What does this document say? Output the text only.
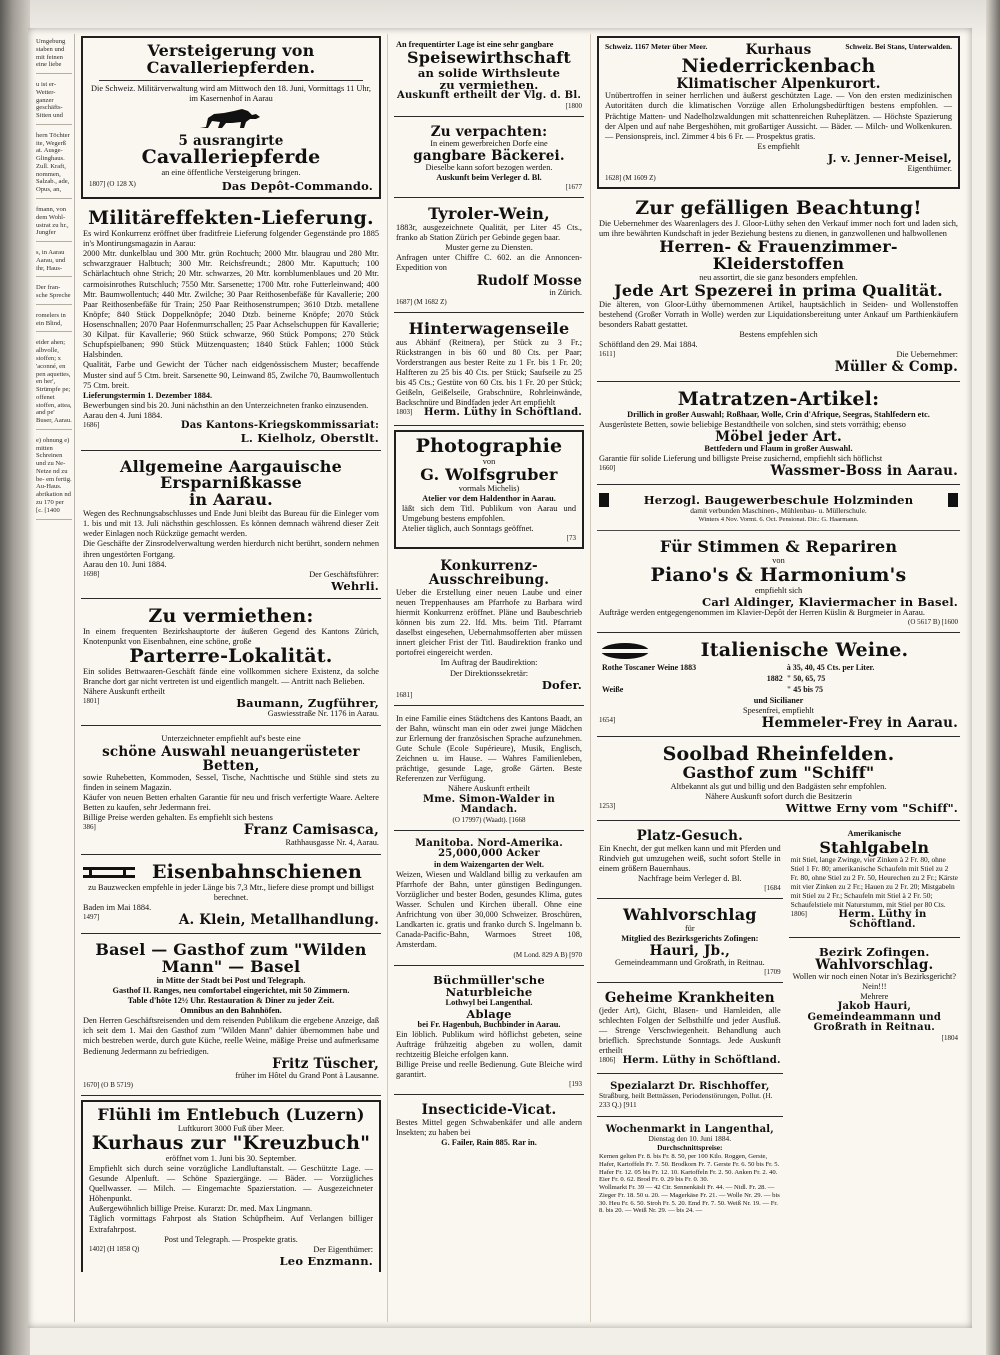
Umgebung staben und mit feinen eine liebe
u ist er- Wetter- ganzer geschäfts- Sitten und
hern Töchter ite, Wegerß at. Ausge- Glinghaus. Zull. Kraft, nommen, Salzab., ade, Opus, an,
fmann, von dem Wohl- ustrat zu hr., Jungfer
s, in Aarau Aarau, und ihr, Haus-
Der fran- sche Spreche
romelers in ein Blind,
eider ahen; albvolle, stoffen; x 'aconné, en pen aquettes, en her', Strümpfe pe; offenet stoffen, attea, and pe' Buser, Aarau.
e) ohnung e) mitten Schreinen und zu Ne-Netze nd zu be- em fertig. Au-Haus. abrikation nd zu 170 per [c. [1400
Versteigerung von Cavalleriepferden.
Die Schweiz. Militärverwaltung wird am Mittwoch den 18. Juni, Vormittags 11 Uhr, im Kasernenhof in Aarau
5 ausrangirte
Cavalleriepferde
an eine öffentliche Versteigerung bringen.
1807] (O 128 X)	Das Depôt-Commando.
Militäreffekten-Lieferung.
Es wird Konkurrenz eröffnet über fraditfreie Lieferung folgender Gegenstände pro 1885 in's Montirungsmagazin in Aarau:
2000 Mtr. dunkelblau und 300 Mtr. grün Rochtuch; 2000 Mtr. blaugrau und 280 Mtr. schwarzgrauer Halbtuch; 300 Mtr. Reichsfreundt.; 2800 Mtr. Kaputtuch; 100 Schärlachtuch ohne Strich; 20 Mtr. schwarzes, 20 Mtr. kornblumenblaues und 20 Mtr. carmoisinrothes Rutschluch; 7550 Mtr. Sarsenette; 1700 Mtr. rohe Futterleinwand; 400 Mtr. Baumwollentuch; 440 Mtr. Zwilche; 30 Paar Reithosenbefäße für Kavallerie; 200 Paar Reithosenbefäße für Train; 250 Paar Reithosenstrumpen; 3610 Dtzb. metallene Knöpfe; 840 Stück Doppelknöpfe; 2040 Dtzb. beinerne Knöpfe; 2070 Stück Hosenschnallen; 2070 Paar Hofenmurrschallen; 25 Paar Achselschuppen für Kavallerie; 30 Kilpat. für Kavallerie; 960 Stück schwarze, 960 Stück Pompons; 270 Stück Schupfspielbanen; 990 Stück Mützenquasten; 1840 Stück Fahlen; 1000 Stück Halsbinden.
Qualität, Farbe und Gewicht der Tücher nach eidgenössischem Muster; becaffende Muster sind auf 5 Ctm. breit. Sarsenette 90, Leinwand 85, Zwilche 70, Baumwollentuch 75 Ctm. breit.
Lieferungstermin 1. Dezember 1884.
Bewerbungen sind bis 20. Juni nächsthin an den Unterzeichneten franko einzusenden.
Aarau den 4. Juni 1884.
1686]	Das Kantons-Kriegskommissariat:
L. Kielholz, Oberstlt.
Allgemeine Aargauische Ersparnißkasse
in Aarau.
Wegen des Rechnungsabschlusses und Ende Juni bleibt das Bureau für die Einleger vom 1. bis und mit 13. Juli nächsthin geschlossen. Es können demnach während dieser Zeit weder Einlagen noch Rückzüge gemacht werden.
Die Geschäfte der Zinsrodelverwaltung werden hierdurch nicht berührt, sondern nehmen ihren ungestörten Fortgang.
Aarau den 10. Juni 1884.
1698]	Der Geschäftsführer:
Wehrli.
Zu vermiethen:
In einem frequenten Bezirkshauptorte der äußeren Gegend des Kantons Zürich, Knotenpunkt von Eisenbahnen, eine schöne, große
Parterre-Lokalität.
Ein solides Bettwaaren-Geschäft fände eine vollkommen sichere Existenz, da solche Branche dort gar nicht vertreten ist und eigentlich mangelt. — Antritt nach Belieben.
Nähere Auskunft ertheilt
1801]	Baumann, Zugführer,
Gaswiesstraße Nr. 1176 in Aarau.
Unterzeichneter empfiehlt auf's beste eine
schöne Auswahl neuangerüsteter Betten,
sowie Ruhebetten, Kommoden, Sessel, Tische, Nachttische und Stühle sind stets zu finden in seinem Magazin.
Käufer von neuen Betten erhalten Garantie für neu und frisch verfertigte Waare. Aeltere Betten zu kaufen, sehr Jedermann frei.
Billige Preise werden gehalten. Es empfiehlt sich bestens
386]	Franz Camisasca,
Rathhausgasse Nr. 4, Aarau.
Eisenbahnschienen
zu Bauzwecken empfehle in jeder Länge bis 7,3 Mtr., liefere diese prompt und billigst berechnet.
Baden im Mai 1884.
1497]	A. Klein, Metallhandlung.
Basel — Gasthof zum "Wilden Mann" — Basel
in Mitte der Stadt bei Post und Telegraph.
Gasthof II. Ranges, neu comfortabel eingerichtet, mit 50 Zimmern.
Table d'hôte 12½ Uhr. Restauration & Diner zu jeder Zeit.
Omnibus an den Bahnhöfen.
Den Herren Geschäftsreisenden und dem reisenden Publikum die ergebene Anzeige, daß ich seit dem 1. Mai den Gasthof zum "Wilden Mann" dahier übernommen habe und mich bestreben werde, durch gute Küche, reelle Weine, mäßige Preise und aufmerksame Bedienung Jedermann zu befriedigen.
Fritz Tüscher,
früher im Hôtel du Grand Pont à Lausanne.
1670] (O B 5719)
Flühli im Entlebuch (Luzern)
Luftkurort 3000 Fuß über Meer.
Kurhaus zur "Kreuzbuch"
eröffnet vom 1. Juni bis 30. September.
Empfiehlt sich durch seine vorzügliche Landluftanstalt. — Geschützte Lage. — Gesunde Alpenluft. — Schöne Spaziergänge. — Bäder. — Vorzügliches Quellwasser. — Milch. — Eingemachte Spazierstation. — Ausgezeichneter Höhenpunkt.
Außergewöhnlich billige Preise. Kurarzt: Dr. med. Max Lingmann.
Täglich vormittags Fahrpost als Station Schüpfheim. Auf Verlangen billiger Extrafahrpost.
Post und Telegraph. — Prospekte gratis.
1402] (H 1858 Q)	Der Eigenthümer:
Leo Enzmann.
An frequentirter Lage ist eine sehr gangbare
Speisewirthschaft
an solide Wirthsleute
zu vermiethen.
Auskunft ertheilt der Vlg. d. Bl.
[1800
Zu verpachten:
In einem gewerbreichen Dorfe eine
gangbare Bäckerei.
Dieselbe kann sofort bezogen werden.
Auskunft beim Verleger d. Bl.
[1677
Tyroler-Wein,
1883r, ausgezeichnete Qualität, per Liter 45 Cts., franko ab Station Zürich per Gebinde gegen baar.
Muster gerne zu Diensten.
Anfragen unter Chiffre C. 602. an die Annoncen-Expedition von
Rudolf Mosse
in Zürich.
1687] (M 1682 Z)
Hinterwagenseile
aus Abhänf (Reitnera), per Stück zu 3 Fr.; Rückstrangen in bis 60 und 80 Cts. per Paar; Vorderstrangen aus bester Reite zu 1 Fr. bis 1 Fr. 20; Halfteren zu 25 bis 40 Cts. per Stück; Saufseile zu 25 bis 45 Cts.; Gestüte von 60 Cts. bis 1 Fr. 20 per Stück; Geißeln, Geißelseile, Grabschnüre, Rohrleinwände, Backschnüre und Bindfaden jeder Art empfiehlt
1803] Herm. Lüthy in Schöftland.
Photographie
von
G. Wolfsgruber
vormals Michelis)
Atelier vor dem Haldenthor in Aarau.
läßt sich dem Titl. Publikum von Aarau und Umgebung bestens empfohlen.
Atelier täglich, auch Sonntags geöffnet.
[73
Konkurrenz-Ausschreibung.
Ueber die Erstellung einer neuen Laube und einer neuen Treppenhauses am Pfarrhofe zu Barbara wird hiermit Konkurrenz eröffnet. Pläne und Baubeschrieb können bis zum 22. lfd. Mts. beim Titl. Pfarramt daselbst eingesehen, Uebernahmsofferten aber müssen innert gleicher Frist der Titl. Baudirektion franko und portofrei eingereicht werden.
Im Auftrag der Baudirektion:
Der Direktionssekretär:
Dofer.
1681]
In eine Familie eines Städtchens des Kantons Baadt, an der Bahn, wünscht man ein oder zwei junge Mädchen zur Erlernung der französischen Sprache aufzunehmen. Gute Schule (Ecole Supérieure), Musik, Englisch, Zeichnen u. im Hause. — Wahres Familienleben, prächtige, gesunde Lage, große Gärten. Beste Referenzen zur Verfügung.
Nähere Auskunft ertheilt
Mme. Simon-Walder in Mandach.
(O 17997) (Waadt). [1668
Manitoba. Nord-Amerika. 25,000,000 Acker
in dem Waizengarten der Welt.
Weizen, Wiesen und Waldland billig zu verkaufen am Pfarrhofe der Bahn, unter günstigen Bedingungen. Vorzüglicher und bester Boden, gesundes Klima, gutes Wasser. Schulen und Kirchen überall. Ohne eine Anfrichtung von über 30,000 Schweizer. Broschüren, Landkarten ic. gratis und franko durch S. Ingelmann b. Canada-Pacific-Bahn, Warmoes Street 108, Amsterdam.
(M Lond. 829 A B) [970
Büchmüller'sche Naturbleiche
Lothwyl bei Langenthal.
Ablage
bei Fr. Hagenbuh, Buchbinder in Aarau.
Ein löblich. Publikum wird höflichst gebeten, seine Aufträge frühzeitig abgeben zu wollen, damit rechtzeitig Bleiche erfolgen kann.
Billige Preise und reelle Bedienung. Gute Bleiche wird garantirt.
[193
Insecticide-Vicat.
Bestes Mittel gegen Schwabenkäfer und alle andern Insekten; zu haben bei
G. Failer, Rain 885. Rar in.
Schweiz. 1167 Meter über Meer.	Kurhaus	Schweiz. Bei Stans, Unterwalden.
Niederrickenbach
Klimatischer Alpenkurort.
Unübertroffen in seiner herrlichen und äußerst geschützten Lage. — Von den ersten medizinischen Autoritäten durch die klimatischen Vorzüge allen Erholungsbedürftigen bestens empfohlen. — Prächtige Matten- und Nadelholzwaldungen mit schattenreichen Ruheplätzen. — Höchste Spazierung der Alpen und auf nahe Bergeshöhen, mit großartiger Aussicht. — Bäder. — Milch- und Wolkenkuren. — Pensionspreis, incl. Zimmer 4 bis 6 Fr. — Prospektus gratis.
Es empfiehlt
J. v. Jenner-Meisel,
Eigenthümer.
1628] (M 1609 Z)
Zur gefälligen Beachtung!
Die Uebernehmer des Waarenlagers des J. Gloor-Lüthy sehen den Verkauf immer noch fort und laden sich, um ihre bewährten Kundschaft in jeder Beziehung bestens zu dienen, in ganzwollenen und halbwollenen
Herren- & Frauenzimmer-Kleiderstoffen
neu assortirt, die sie ganz besonders empfehlen.
Jede Art Spezerei in prima Qualität.
Die älteren, von Gloor-Lüthy übernommenen Artikel, hauptsächlich in Seiden- und Wollenstoffen bestehend (Großer Vorrath in Wolle) werden zur Liquidationsbereitung unter Ankauf um Parthienkäufern besonders Rabatt gestattet.
Bestens empfehlen sich
Schöftland den 29. Mai 1884.
1611]	Die Uebernehmer:
Müller & Comp.
Matratzen-Artikel:
Drillich in großer Auswahl; Roßhaar, Wolle, Crin d'Afrique, Seegras, Stahlfedern etc.
Ausgerüstete Betten, sowie beliebige Bestandtheile von solchen, sind stets vorräthig; ebenso
Möbel jeder Art.
Bettfedern und Flaum in großer Auswahl.
Garantie für solide Lieferung und billigste Preise zusichernd, empfiehlt sich höflichst
1660]	Wassmer-Boss in Aarau.
Herzogl. Baugewerbeschule Holzminden
damit verbunden Maschinen-, Mühlenbau- u. Müllerschule.
Winters 4 Nov. Vormt. 6. Oct. Pensionat. Dir.: G. Haarmann.
Für Stimmen & Repariren
von
Piano's & Harmonium's
empfiehlt sich
Carl Aldinger, Klaviermacher in Basel.
Aufträge werden entgegengenommen im Klavier-Depôt der Herren Küslin & Burgmeier in Aarau.
(O 5617 B) [1600
Italienische Weine.
Rothe Toscaner Weine 1883	à 35, 40, 45 Cts. per Liter.
1882	" 50, 65, 75
Weiße	" 45 bis 75
und Sicilianer
Spesenfrei, empfiehlt
1654]	Hemmeler-Frey in Aarau.
Soolbad Rheinfelden.
Gasthof zum "Schiff"
Altbekannt als gut und billig und den Badgästen sehr empfohlen.
Nähere Auskunft sofort durch die Besitzerin
1253]	Wittwe Erny vom "Schiff".
Platz-Gesuch.
Ein Knecht, der gut melken kann und mit Pferden und Rindvieh gut umzugehen weiß, sucht sofort Stelle in einem größern Bauernhaus.
Nachfrage beim Verleger d. Bl.
[1684
Wahlvorschlag
für
Mitglied des Bezirksgerichts Zofingen:
Hauri, Jb.,
Gemeindeammann und Großrath, in Reitnau.
[1709
Geheime Krankheiten
(jeder Art), Gicht, Blasen- und Harnleiden, alle schlechten Folgen der Selbsthilfe und jeder Ausfluß. — Strenge Verschwiegenheit. Behandlung auch brieflich. Sprechstunde Sonntags. Jede Auskunft ertheilt
1806] Herm. Lüthy in Schöftland.
Spezialarzt Dr. Rischhoffer,
Straßburg, heilt Bettnässen, Periodenstörungen, Pollut. (H. 233 Q.) [911
Wochenmarkt in Langenthal,
Dienstag den 10. Juni 1884.
Durchschnittspreise:
Kernen gelten Fr. 8. bis Fr. 8. 50, per 100 Kilo. Roggen, Gerste, Hafer, Kartoffeln Fr. 7. 50. Brodkorn Fr. 7. Gerste Fr. 6. 50 bis Fr. 5. Hafer Fr. 12. 05 bis Fr. 12. 10. Kartoffeln Fr. 2. 50. Anken Fr. 2. 40. Eier Fr. 0. 62. Brod Fr. 0. 29 bis Fr. 0. 30.
Wollmarkt Fr. 39 — 42 Ctr. Sennenkäsli Fr. 44. — Nidl. Fr. 28. — Zieger Fr. 18. 50 u. 20. — Magerkäse Fr. 21. — Wolle Nr. 29. — bis 30. Heu Fr. 6. 50. Stroh Fr. 5. 20. Emd Fr. 7. 50. Weiß Nr. 19. — Fr. 8. bis 20. — Weiß Nr. 29. — bis 24. —
Amerikanische
Stahlgabeln
mit Stiel, lange Zwinge, vier Zinken à 2 Fr. 80, ohne Stiel 1 Fr. 80; amerikanische Schaufeln mit Stiel zu 2 Fr. 80, ohne Stiel zu 2 Fr. 50, Heurechen zu 2 Fr.; Kärste mit vier Zinken zu 2 Fr.; Hauen zu 2 Fr. 20; Mistgabeln mit Stiel zu 2 Fr.; Schaufeln mit Stiel à 2 Fr. 50; Schaufelstiele mit Naturstumm, mit Stiel per 80 Cts.
1806]	Herm. Lüthy in Schöftland.
Bezirk Zofingen.
Wahlvorschlag.
Wollen wir noch einen Notar in's Bezirksgericht? Nein!!!
Mehrere
Jakob Hauri, Gemeindeammann und Großrath in Reitnau.
[1804
